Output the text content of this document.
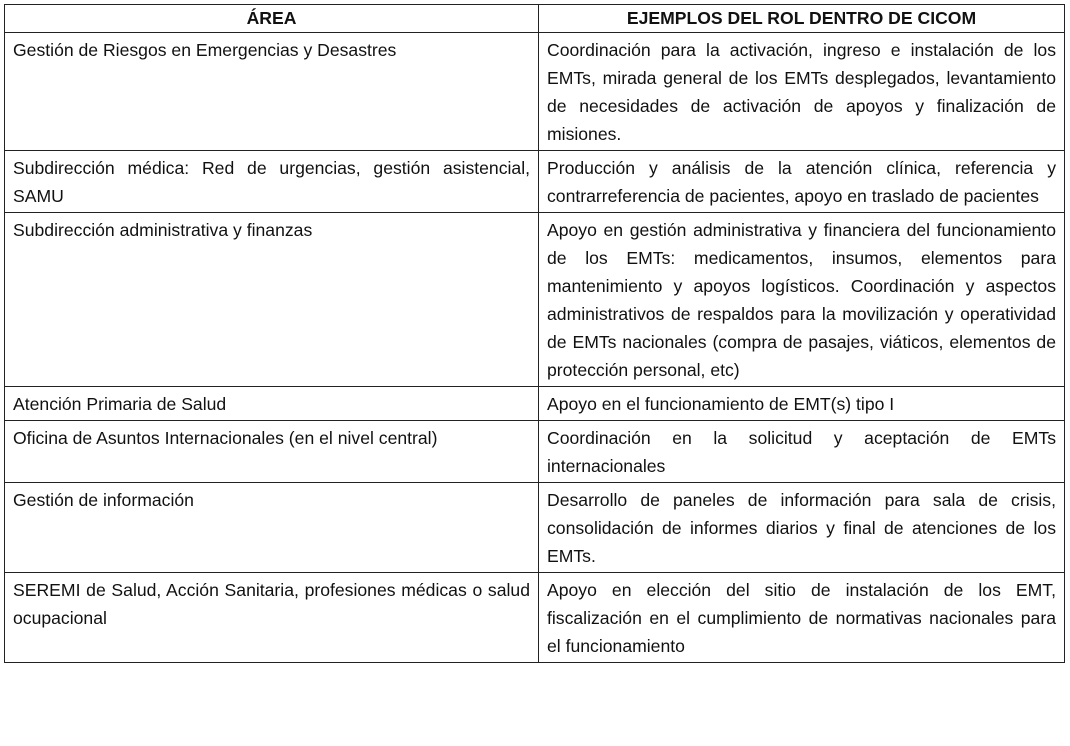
ÁREA	EJEMPLOS DEL ROL DENTRO DE CICOM
Gestión de Riesgos en Emergencias y Desastres	Coordinación para la activación, ingreso e instalación de los EMTs, mirada general de los EMTs desplegados, levantamiento de necesidades de activación de apoyos y finalización de misiones.
Subdirección médica: Red de urgencias, gestión asistencial, SAMU	Producción y análisis de la atención clínica, referencia y contrarreferencia de pacientes, apoyo en traslado de pacientes
Subdirección administrativa y finanzas	Apoyo en gestión administrativa y financiera del funcionamiento de los EMTs: medicamentos, insumos, elementos para mantenimiento y apoyos logísticos. Coordinación y aspectos administrativos de respaldos para la movilización y operatividad de EMTs nacionales (compra de pasajes, viáticos, elementos de protección personal, etc)
Atención Primaria de Salud	Apoyo en el funcionamiento de EMT(s) tipo I
Oficina de Asuntos Internacionales (en el nivel central)	Coordinación en la solicitud y aceptación de EMTs internacionales
Gestión de información	Desarrollo de paneles de información para sala de crisis, consolidación de informes diarios y final de atenciones de los EMTs.
SEREMI de Salud, Acción Sanitaria, profesiones médicas o salud ocupacional	Apoyo en elección del sitio de instalación de los EMT, fiscalización en el cumplimiento de normativas nacionales para el funcionamiento
